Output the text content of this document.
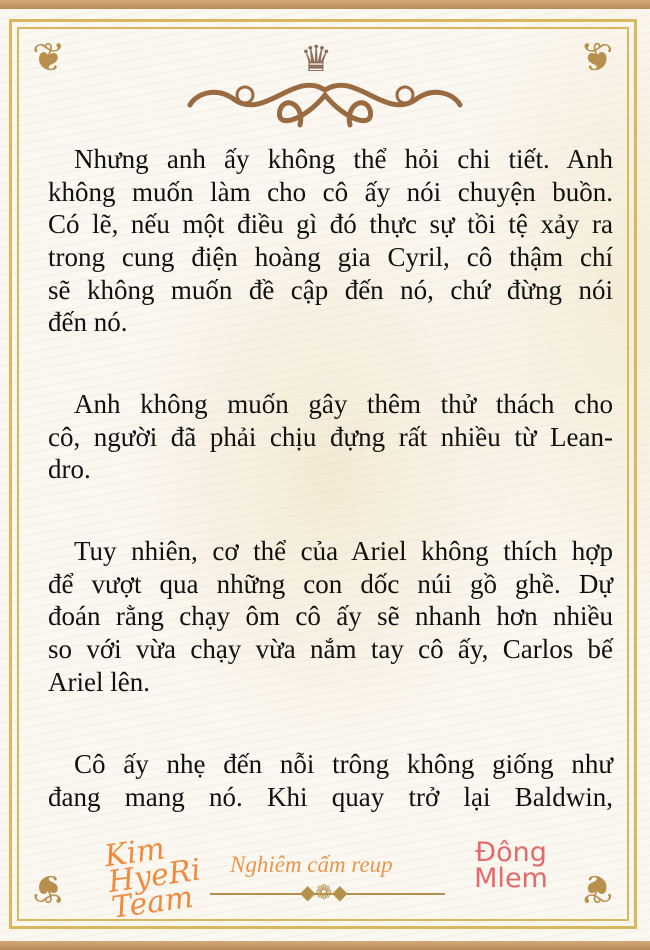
❦	❦
❦	❦
♛
Nhưng anh ấy không thể hỏi chi tiết. Anh
không muốn làm cho cô ấy nói chuyện buồn.
Có lẽ, nếu một điều gì đó thực sự tồi tệ xảy ra
trong cung điện hoàng gia Cyril, cô thậm chí
sẽ không muốn đề cập đến nó, chứ đừng nói
đến nó.
Anh không muốn gây thêm thử thách cho
cô, người đã phải chịu đựng rất nhiều từ Lean-
dro.
Tuy nhiên, cơ thể của Ariel không thích hợp
để vượt qua những con dốc núi gồ ghề. Dự
đoán rằng chạy ôm cô ấy sẽ nhanh hơn nhiều
so với vừa chạy vừa nắm tay cô ấy, Carlos bế
Ariel lên.
Cô ấy nhẹ đến nỗi trông không giống như
đang mang nó. Khi quay trở lại Baldwin,
Kim HyeRi Team
Nghiêm cấm reup
◆❁◆
Đông Mlem
